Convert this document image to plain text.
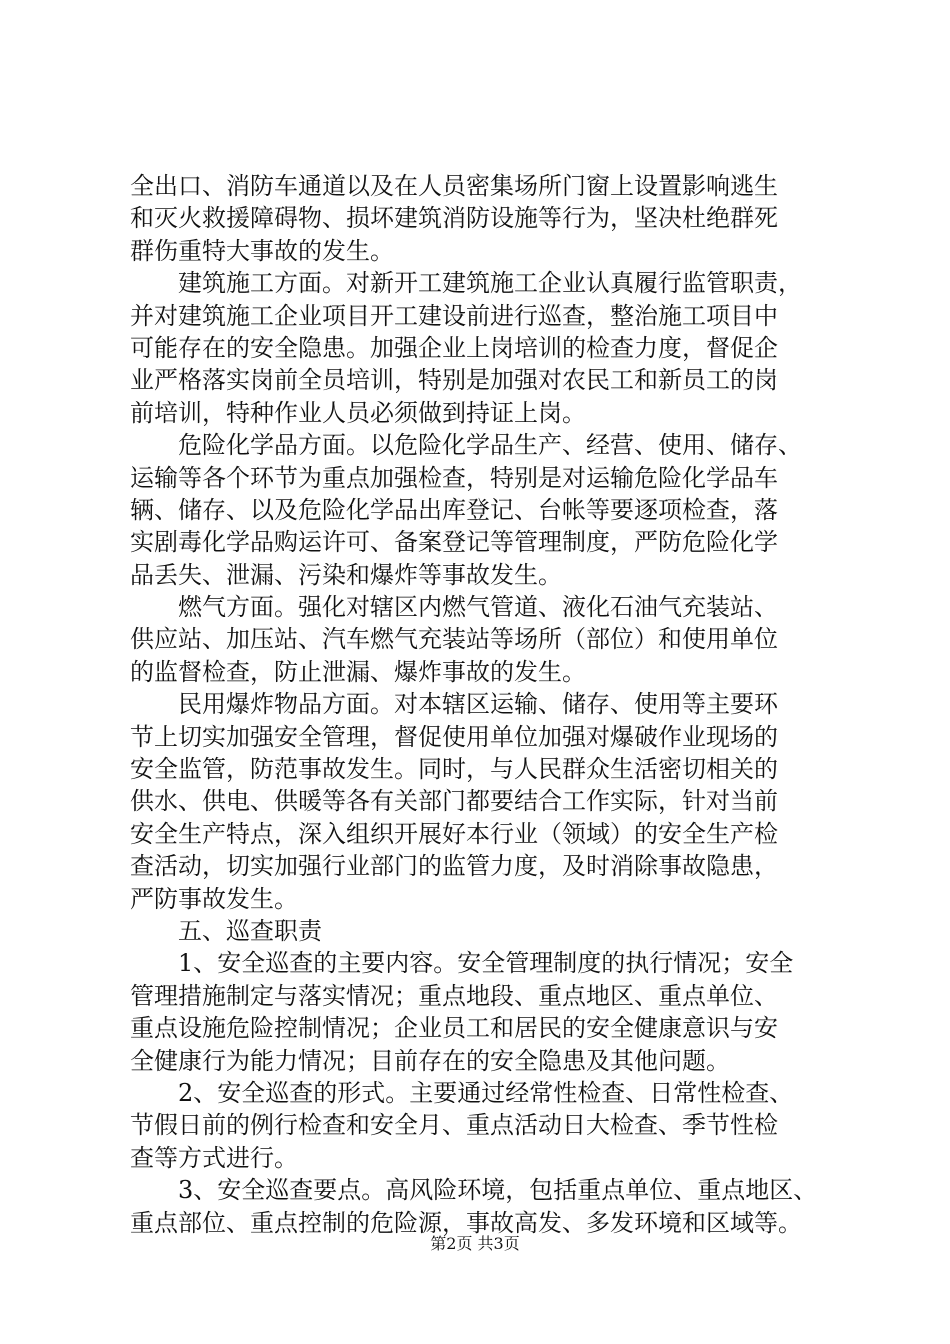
全出口、消防车通道以及在人员密集场所门窗上设置影响逃生
和灭火救援障碍物、损坏建筑消防设施等行为，坚决杜绝群死
群伤重特大事故的发生。
建筑施工方面。对新开工建筑施工企业认真履行监管职责，
并对建筑施工企业项目开工建设前进行巡查，整治施工项目中
可能存在的安全隐患。加强企业上岗培训的检查力度，督促企
业严格落实岗前全员培训，特别是加强对农民工和新员工的岗
前培训，特种作业人员必须做到持证上岗。
危险化学品方面。以危险化学品生产、经营、使用、储存、
运输等各个环节为重点加强检查，特别是对运输危险化学品车
辆、储存、以及危险化学品出库登记、台帐等要逐项检查，落
实剧毒化学品购运许可、备案登记等管理制度，严防危险化学
品丢失、泄漏、污染和爆炸等事故发生。
燃气方面。强化对辖区内燃气管道、液化石油气充装站、
供应站、加压站、汽车燃气充装站等场所（部位）和使用单位
的监督检查，防止泄漏、爆炸事故的发生。
民用爆炸物品方面。对本辖区运输、储存、使用等主要环
节上切实加强安全管理，督促使用单位加强对爆破作业现场的
安全监管，防范事故发生。同时，与人民群众生活密切相关的
供水、供电、供暖等各有关部门都要结合工作实际，针对当前
安全生产特点，深入组织开展好本行业（领域）的安全生产检
查活动，切实加强行业部门的监管力度，及时消除事故隐患，
严防事故发生。
五、巡查职责
1、安全巡查的主要内容。安全管理制度的执行情况；安全
管理措施制定与落实情况；重点地段、重点地区、重点单位、
重点设施危险控制情况；企业员工和居民的安全健康意识与安
全健康行为能力情况；目前存在的安全隐患及其他问题。
2、安全巡查的形式。主要通过经常性检查、日常性检查、
节假日前的例行检查和安全月、重点活动日大检查、季节性检
查等方式进行。
3、安全巡查要点。高风险环境，包括重点单位、重点地区、
重点部位、重点控制的危险源，事故高发、多发环境和区域等。
第2页 共3页
